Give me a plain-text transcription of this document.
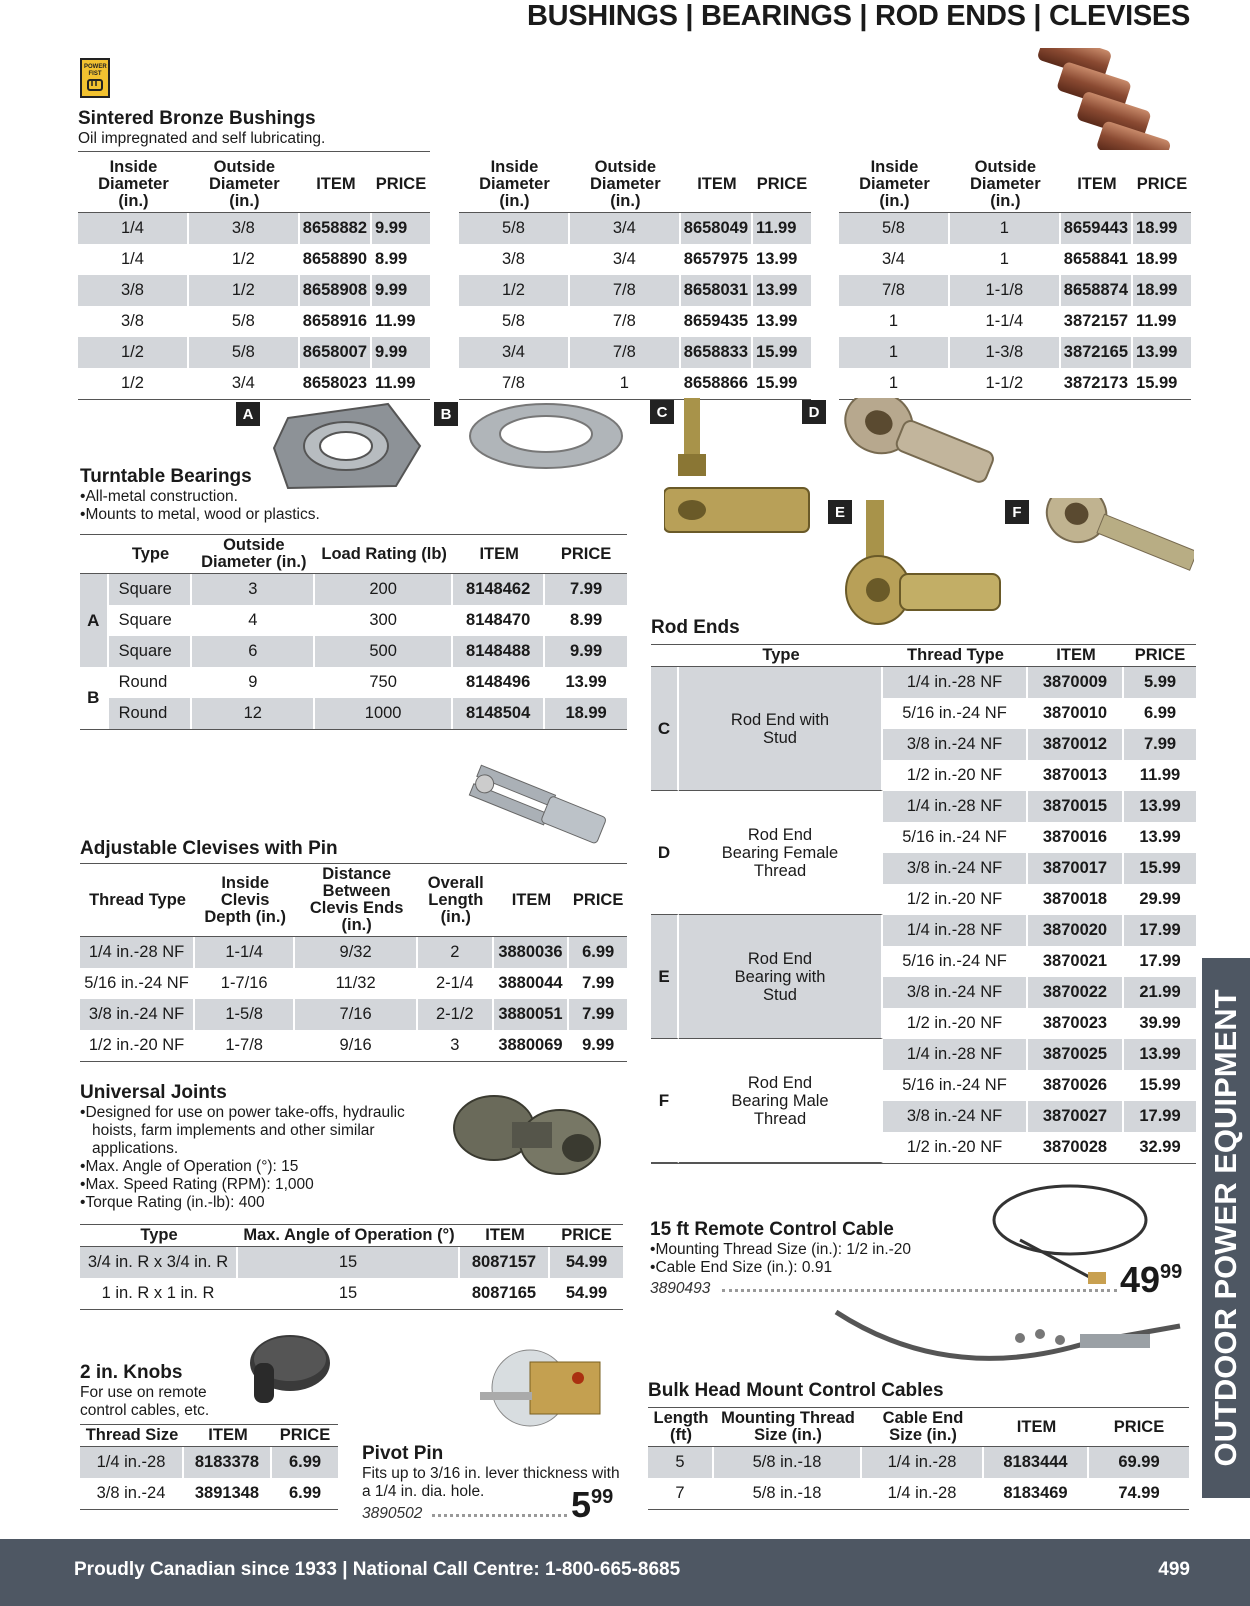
BUSHINGS | BEARINGS | ROD ENDS | CLEVISES
POWER FIST
Sintered Bronze Bushings
Oil impregnated and self lubricating.
Inside Diameter (in.)	Outside Diameter (in.)	ITEM	PRICE
1/4	3/8	8658882	9.99
1/4	1/2	8658890	8.99
3/8	1/2	8658908	9.99
3/8	5/8	8658916	11.99
1/2	5/8	8658007	9.99
1/2	3/4	8658023	11.99
Inside Diameter (in.)	Outside Diameter (in.)	ITEM	PRICE
5/8	3/4	8658049	11.99
3/8	3/4	8657975	13.99
1/2	7/8	8658031	13.99
5/8	7/8	8659435	13.99
3/4	7/8	8658833	15.99
7/8	1	8658866	15.99
Inside Diameter (in.)	Outside Diameter (in.)	ITEM	PRICE
5/8	1	8659443	18.99
3/4	1	8658841	18.99
7/8	1-1/8	8658874	18.99
1	1-1/4	3872157	11.99
1	1-3/8	3872165	13.99
1	1-1/2	3872173	15.99
A	B	C	D
E	F
Turntable Bearings
• All-metal construction.
• Mounts to metal, wood or plastics.
	Type	Outside Diameter (in.)	Load Rating (lb)	ITEM	PRICE
A	Square	3	200	8148462	7.99
	Square	4	300	8148470	8.99
	Square	6	500	8148488	9.99
B	Round	9	750	8148496	13.99
	Round	12	1000	8148504	18.99
Adjustable Clevises with Pin
Thread Type	Inside Clevis Depth (in.)	Distance Between Clevis Ends (in.)	Overall Length (in.)	ITEM	PRICE
1/4 in.-28 NF	1-1/4	9/32	2	3880036	6.99
5/16 in.-24 NF	1-7/16	11/32	2-1/4	3880044	7.99
3/8 in.-24 NF	1-5/8	7/16	2-1/2	3880051	7.99
1/2 in.-20 NF	1-7/8	9/16	3	3880069	9.99
Universal Joints
• Designed for use on power take-offs, hydraulic hoists, farm implements and other similar applications.
• Max. Angle of Operation (°): 15
• Max. Speed Rating (RPM): 1,000
• Torque Rating (in.-lb): 400
Type	Max. Angle of Operation (°)	ITEM	PRICE
3/4 in. R x 3/4 in. R	15	8087157	54.99
1 in. R x 1 in. R	15	8087165	54.99
2 in. Knobs
For use on remote control cables, etc.
Thread Size	ITEM	PRICE
1/4 in.-28	8183378	6.99
3/8 in.-24	3891348	6.99
Pivot Pin
Fits up to 3/16 in. lever thickness with a 1/4 in. dia. hole.
3890502	$5^{99}$
Rod Ends
	Type	Thread Type	ITEM	PRICE
C	Rod End with Stud	1/4 in.-28 NF	3870009	5.99
		5/16 in.-24 NF	3870010	6.99
		3/8 in.-24 NF	3870012	7.99
		1/2 in.-20 NF	3870013	11.99
D	Rod End Bearing Female Thread	1/4 in.-28 NF	3870015	13.99
		5/16 in.-24 NF	3870016	13.99
		3/8 in.-24 NF	3870017	15.99
		1/2 in.-20 NF	3870018	29.99
E	Rod End Bearing with Stud	1/4 in.-28 NF	3870020	17.99
		5/16 in.-24 NF	3870021	17.99
		3/8 in.-24 NF	3870022	21.99
		1/2 in.-20 NF	3870023	39.99
F	Rod End Bearing Male Thread	1/4 in.-28 NF	3870025	13.99
		5/16 in.-24 NF	3870026	15.99
		3/8 in.-24 NF	3870027	17.99
		1/2 in.-20 NF	3870028	32.99
15 ft Remote Control Cable
• Mounting Thread Size (in.): 1/2 in.-20
• Cable End Size (in.): 0.91
3890493	$49^{99}$
Bulk Head Mount Control Cables
Length (ft)	Mounting Thread Size (in.)	Cable End Size (in.)	ITEM	PRICE
5	5/8 in.-18	1/4 in.-28	8183444	69.99
7	5/8 in.-18	1/4 in.-28	8183469	74.99
OUTDOOR POWER EQUIPMENT
Proudly Canadian since 1933 | National Call Centre: 1-800-665-8685	499
